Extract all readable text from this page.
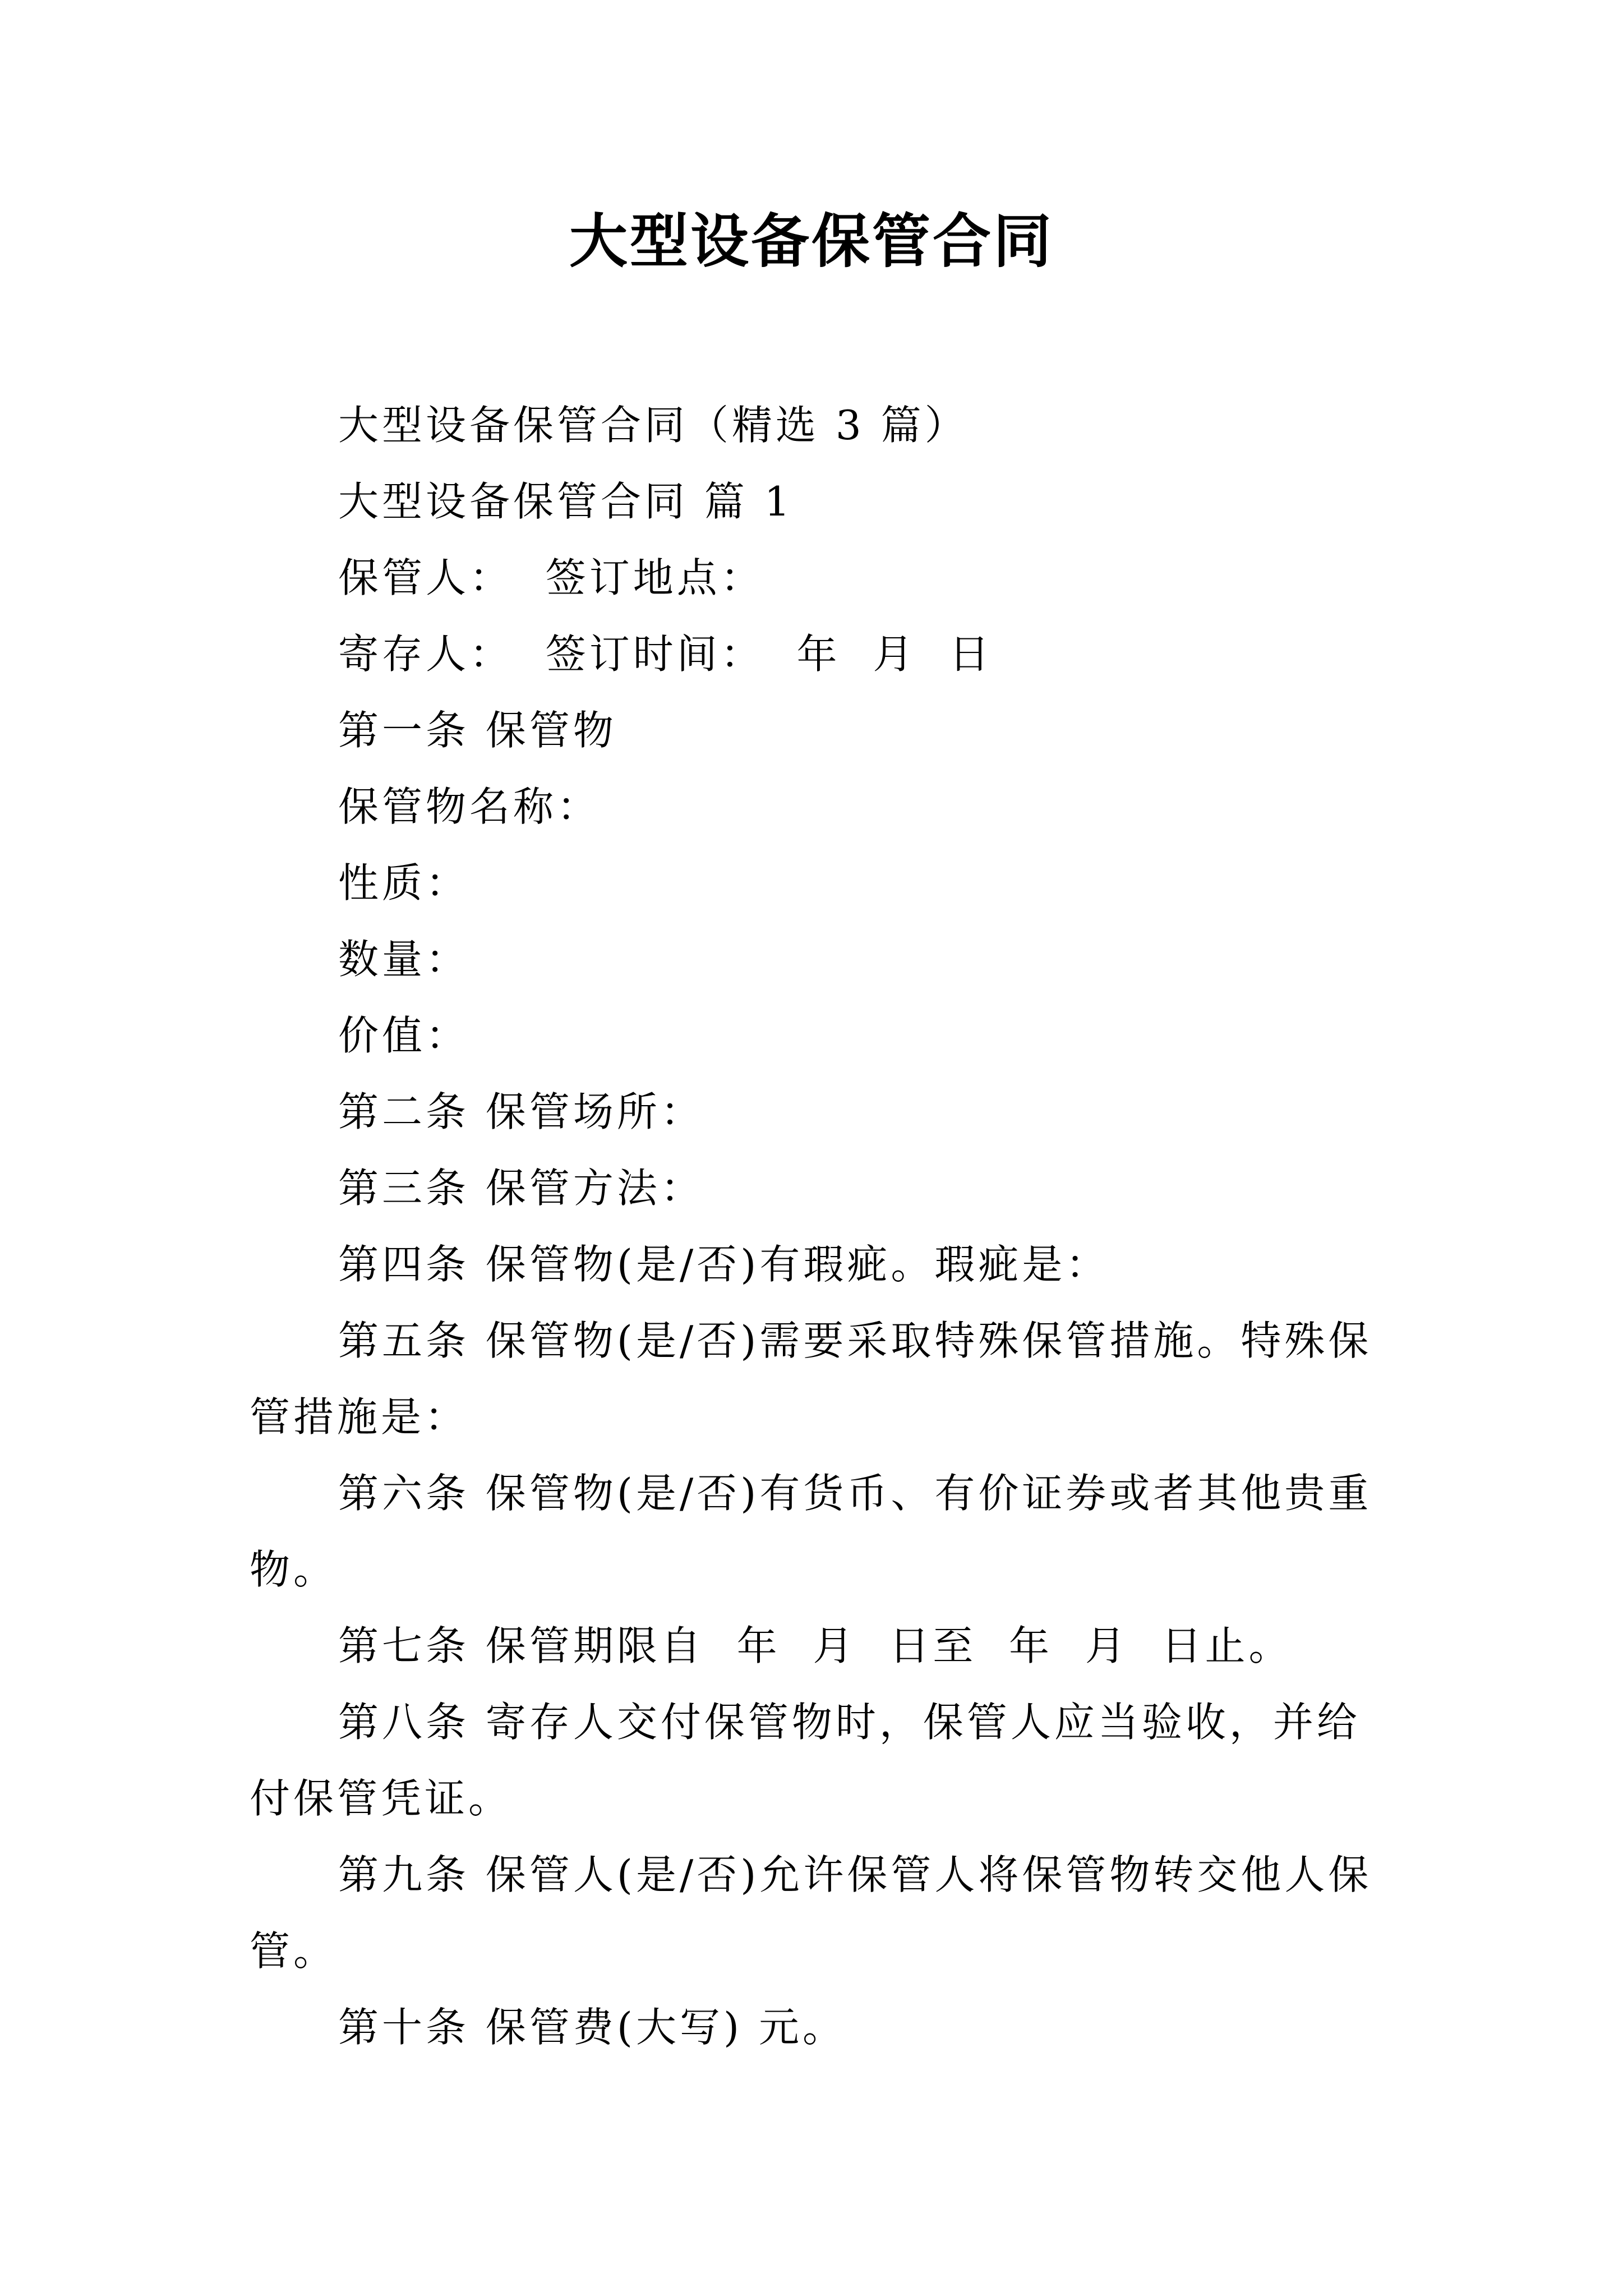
大型设备保管合同

大型设备保管合同（精选 3 篇）

大型设备保管合同 篇 1

保管人：  签订地点：

寄存人：  签订时间：  年  月  日

第一条 保管物

保管物名称：

性质：

数量：

价值：

第二条 保管场所：

第三条 保管方法：

第四条 保管物(是/否)有瑕疵。瑕疵是：

第五条 保管物(是/否)需要采取特殊保管措施。特殊保管措施是：

第六条 保管物(是/否)有货币、有价证券或者其他贵重物。

第七条 保管期限自  年  月  日至  年  月  日止。

第八条 寄存人交付保管物时，保管人应当验收，并给付保管凭证。

第九条 保管人(是/否)允许保管人将保管物转交他人保管。

第十条 保管费(大写) 元。
